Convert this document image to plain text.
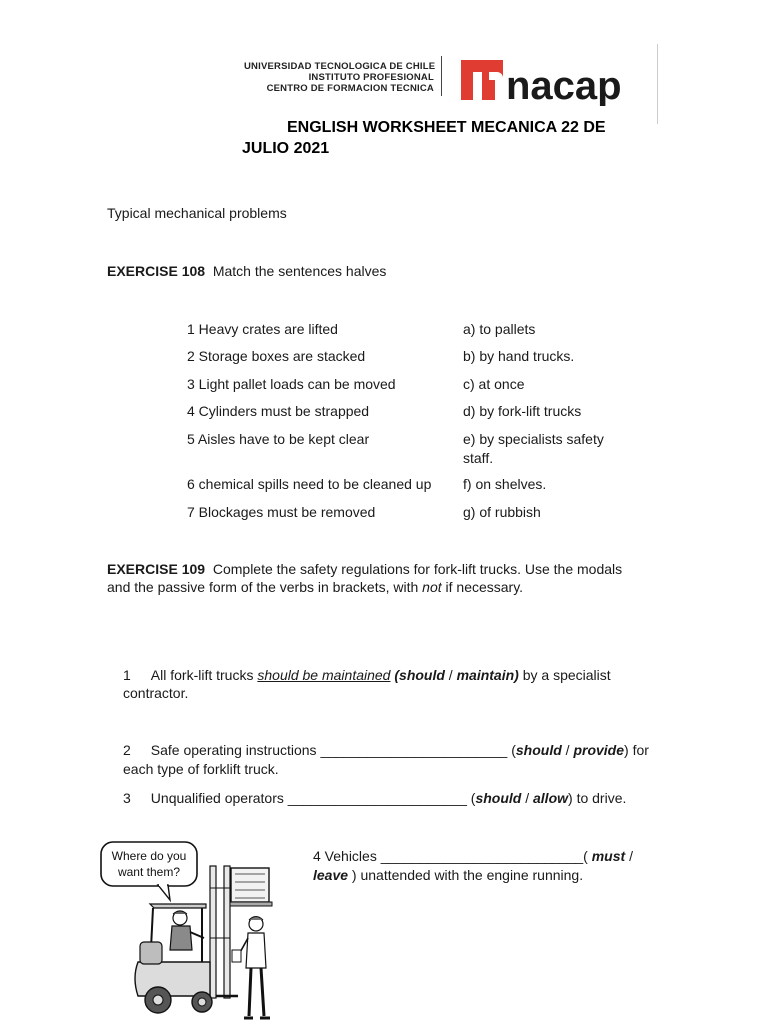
UNIVERSIDAD TECNOLOGICA DE CHILE
INSTITUTO PROFESIONAL
CENTRO DE FORMACION TECNICA nacap
ENGLISH WORKSHEET MECANICA 22 DE
JULIO 2021
Typical mechanical problems
EXERCISE 108 Match the sentences halves
1 Heavy crates are lifted
2 Storage boxes are stacked
3 Light pallet loads can be moved
4 Cylinders must be strapped
5 Aisles have to be kept clear
6 chemical spills need to be cleaned up
7 Blockages must be removed
a) to pallets
b) by hand trucks.
c) at once
d) by fork-lift trucks
e) by specialists safety
staff.
f) on shelves.
g) of rubbish
EXERCISE 109 Complete the safety regulations for fork-lift trucks. Use the modals
and the passive form of the verbs in brackets, with not if necessary.
1 All fork-lift trucks should be maintained (should / maintain) by a specialist
contractor.
2 Safe operating instructions ________________________ (should / provide) for
each type of forklift truck.
3 Unqualified operators _______________________ (should / allow) to drive.
4 Vehicles __________________________( must /
leave ) unattended with the engine running.
Where do you
want them?
